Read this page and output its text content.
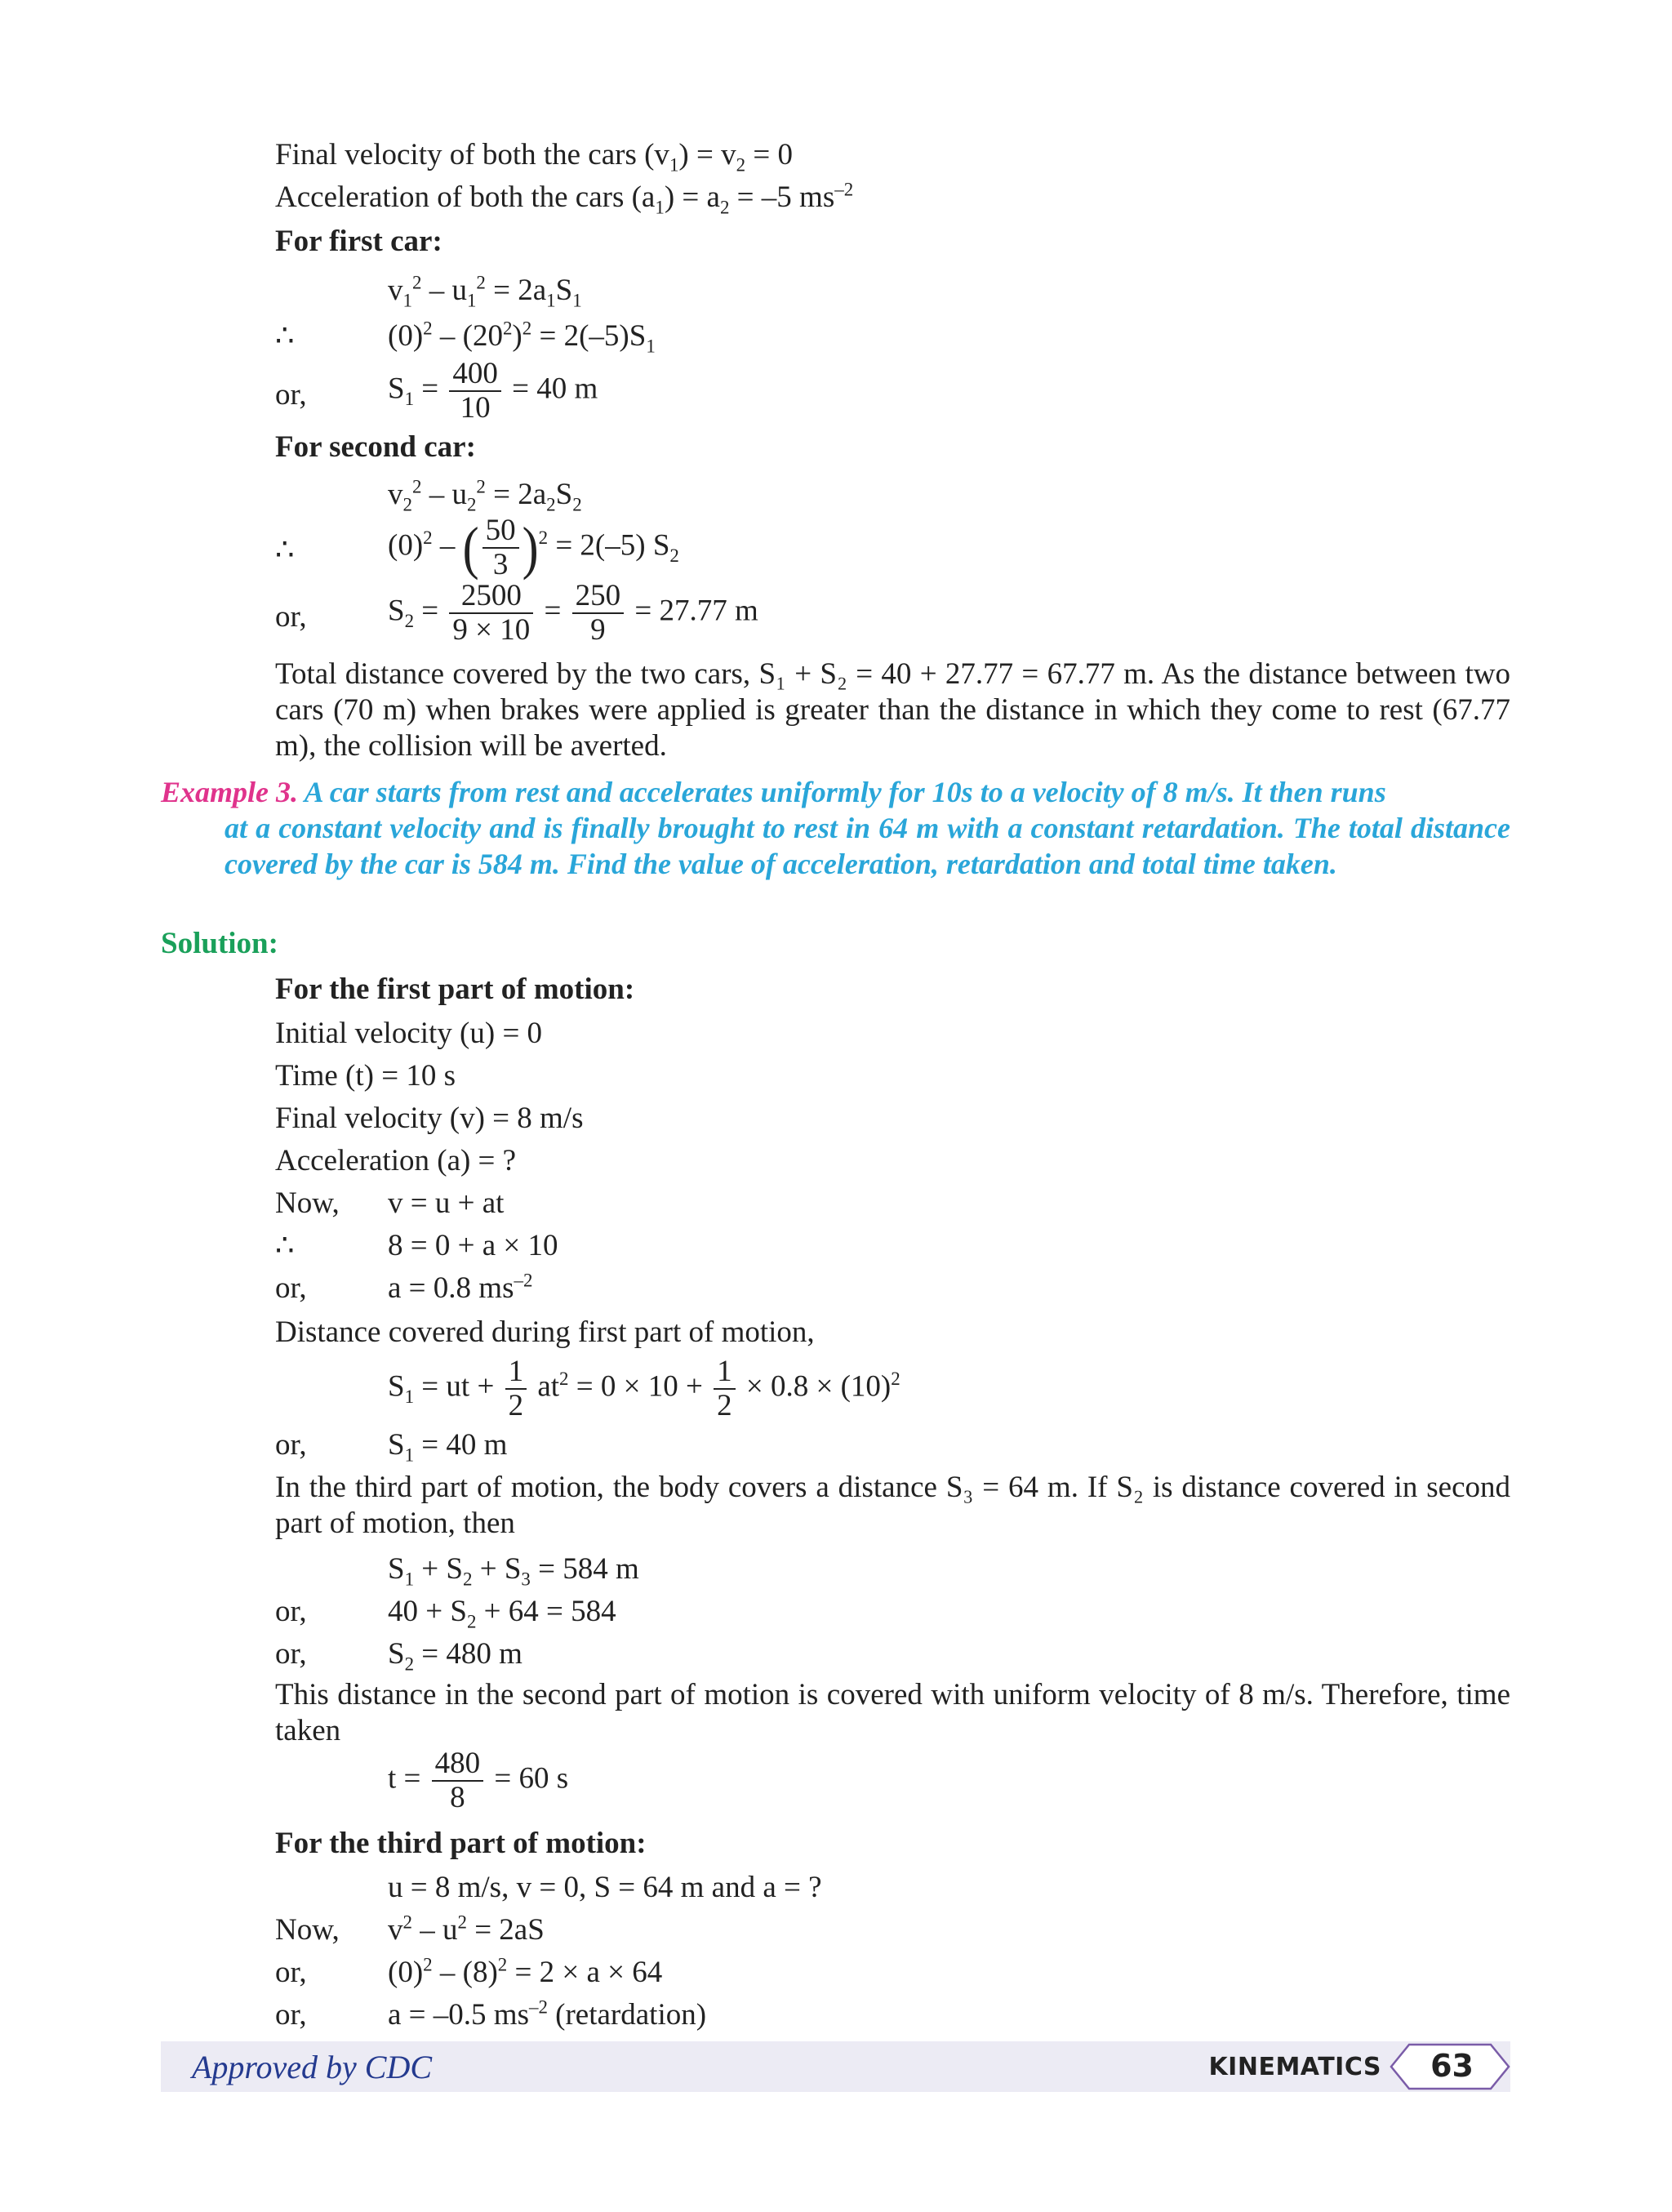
Final velocity of both the cars $(v_1) = v_2 = 0$
Acceleration of both the cars $(a_1) = a_2 = -5$ $ms^{-2}$
For first car:
$v_1^2 - u_1^2 = 2a_1S_1$
∴	$(0)^2 - (20^2)^2 = 2(-5)S_1$
or,	$S_1 = \frac{400}{10} = 40$ m
For second car:
$v_2^2 - u_2^2 = 2a_2S_2$
∴	$(0)^2$ – ( $\frac{50}{3} )^2 = 2(-5)$ $S_2$
or,	$S_2 = \frac{2500}{9 \times 10} = \frac{250}{9} = 27.77$ m
Total distance covered by the two cars, S₁ + S₂ = 40 + 27.77 = 67.77 m. As the distance between two cars (70 m) when brakes were applied is greater than the distance in which they come to rest (67.77 m), the collision will be averted.
Example 3. A car starts from rest and accelerates uniformly for 10s to a velocity of 8 m/s. It then runs
at a constant velocity and is finally brought to rest in 64 m with a constant retardation. The total distance covered by the car is 584 m. Find the value of acceleration, retardation and total time taken.
Solution:
For the first part of motion:
Initial velocity (u) = 0
Time (t) = 10 s
Final velocity (v) = 8 m/s
Acceleration (a) = ?
Now, v = u + at
∴	8 = 0 + a × 10
or,	a = 0.8 $ms^{-2}$
Distance covered during first part of motion,
$S_1$ = ut + $\frac{1}{2} at^2 = 0 \times 10 + \frac{1}{2} \times 0.8 \times (10)^2$
or,	$S_1 = 40$ m
In the third part of motion, the body covers a distance S₃ = 64 m. If S₂ is distance covered in second part of motion, then
$S_1 + S_2 + S_3 = 584$ m
or,	$40 + S_2 + 64 = 584$
or,	$S_2 = 480$ m
This distance in the second part of motion is covered with uniform velocity of 8 m/s. Therefore, time taken
$t = \frac{480}{8} = 60$ s
For the third part of motion:
u = 8 m/s, v = 0, S = 64 m and a = ?
Now, $v^2 - u^2 = 2aS$
or,	$(0)^2 - (8)^2 = 2 \times a \times 64$
or,	a = –0.5 $ms^{-2}$ (retardation)
Approved by CDC	KINEMATICS 63
